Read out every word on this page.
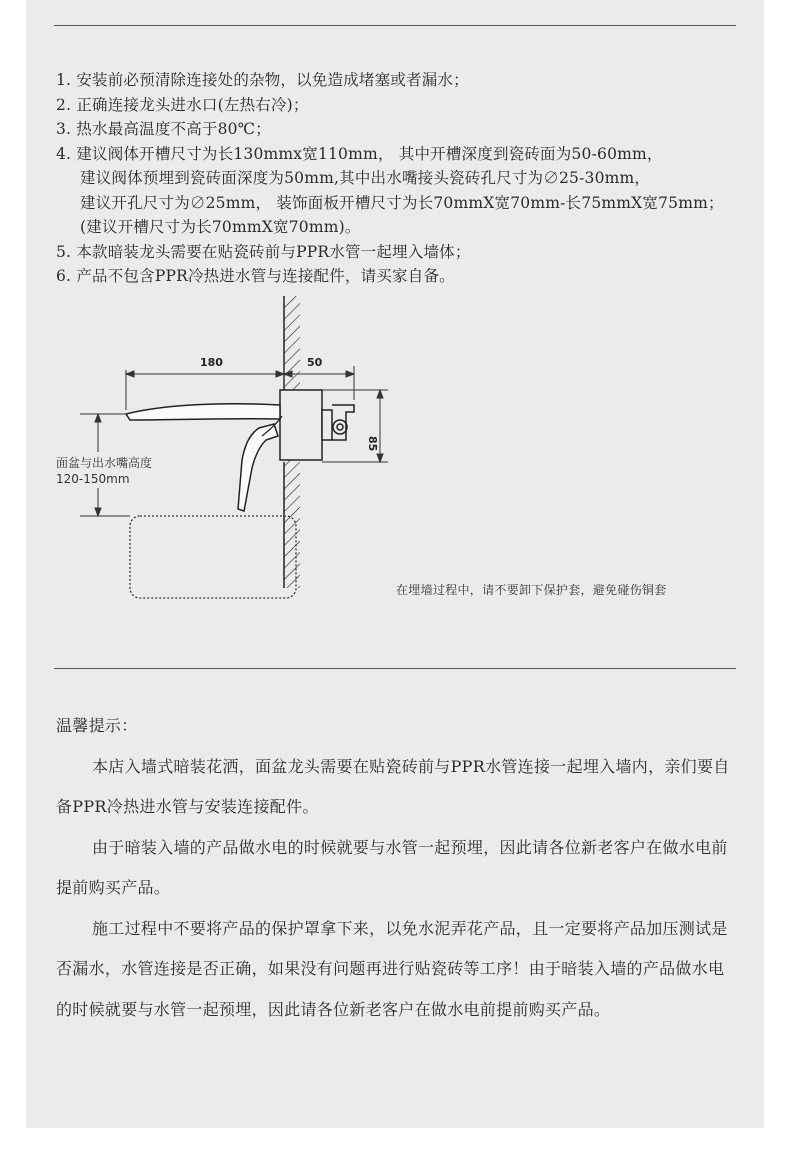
1. 安装前必预清除连接处的杂物，以免造成堵塞或者漏水；
2. 正确连接龙头进水口(左热右冷)；
3. 热水最高温度不高于80℃；
4. 建议阀体开槽尺寸为长130mmx宽110mm， 其中开槽深度到瓷砖面为50-60mm，
建议阀体预埋到瓷砖面深度为50mm,其中出水嘴接头瓷砖孔尺寸为∅25-30mm，
建议开孔尺寸为∅25mm， 装饰面板开槽尺寸为长70mmX宽70mm-长75mmX宽75mm；
(建议开槽尺寸为长70mmX宽70mm)。
5. 本款暗装龙头需要在贴瓷砖前与PPR水管一起埋入墙体；
6. 产品不包含PPR冷热进水管与连接配件，请买家自备。
180	50
85
面盆与出水嘴高度
120-150mm
在埋墙过程中，请不要卸下保护套，避免碰伤铜套

温馨提示：

本店入墙式暗装花洒，面盆龙头需要在贴瓷砖前与PPR水管连接一起埋入墙内，亲们要自备PPR冷热进水管与安装连接配件。

由于暗装入墙的产品做水电的时候就要与水管一起预埋，因此请各位新老客户在做水电前提前购买产品。

施工过程中不要将产品的保护罩拿下来，以免水泥弄花产品，且一定要将产品加压测试是否漏水，水管连接是否正确，如果没有问题再进行贴瓷砖等工序！由于暗装入墙的产品做水电的时候就要与水管一起预埋，因此请各位新老客户在做水电前提前购买产品。
